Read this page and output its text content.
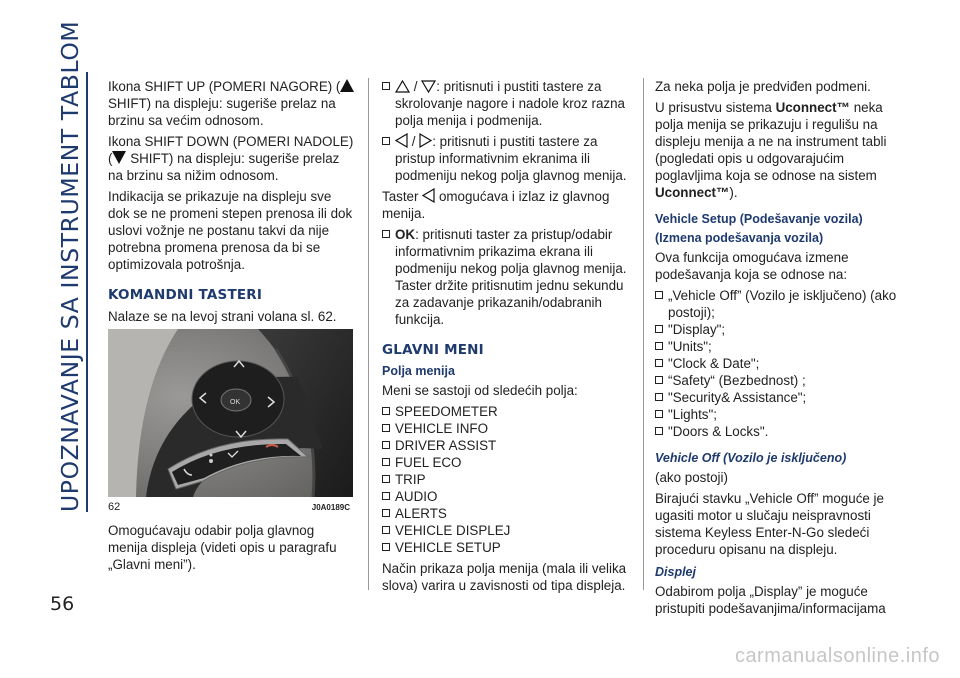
UPOZNAVANJE SA INSTRUMENT TABLOM
56

Ikona SHIFT UP (POMERI NAGORE) ( SHIFT) na displeju: sugeriše prelaz na brzinu sa većim odnosom.

Ikona SHIFT DOWN (POMERI NADOLE) ( SHIFT) na displeju: sugeriše prelaz na brzinu sa nižim odnosom.

Indikacija se prikazuje na displeju sve dok se ne promeni stepen prenosa ili dok uslovi vožnje ne postanu takvi da nije potrebna promena prenosa da bi se optimizovala potrošnja.

KOMANDNI TASTERI

Nalaze se na levoj strani volana sl. 62.

OK
62	J0A0189C

Omogućavaju odabir polja glavnog menija displeja (videti opis u paragrafu „Glavni meni”).

/ : pritisnuti i pustiti tastere za skrolovanje nagore i nadole kroz razna polja menija i podmenija.

/ : pritisnuti i pustiti tastere za pristup informativnim ekranima ili podmeniju nekog polja glavnog menija.

Taster omogućava i izlaz iz glavnog menija.

OK: pritisnuti taster za pristup/odabir informativnim prikazima ekrana ili podmeniju nekog polja glavnog menija. Taster držite pritisnutim jednu sekundu za zadavanje prikazanih/odabranih funkcija.

GLAVNI MENI
Polja menija

Meni se sastoji od sledećih polja:

SPEEDOMETER
VEHICLE INFO
DRIVER ASSIST
FUEL ECO
TRIP
AUDIO
ALERTS
VEHICLE DISPLEJ
VEHICLE SETUP

Način prikaza polja menija (mala ili velika slova) varira u zavisnosti od tipa displeja.

Za neka polja je predviđen podmeni.

U prisustvu sistema Uconnect™ neka polja menija se prikazuju i regulišu na displeju menija a ne na instrument tabli (pogledati opis u odgovarajućim poglavljima koja se odnose na sistem Uconnect™).

Vehicle Setup (Podešavanje vozila)
(Izmena podešavanja vozila)

Ova funkcija omogućava izmene podešavanja koja se odnose na:

„Vehicle Off” (Vozilo je isključeno) (ako postoji);
"Display";
"Units";
"Clock & Date";
“Safety“ (Bezbednost) ;
"Security& Assistance";
"Lights";
"Doors & Locks".
Vehicle Off (Vozilo je isključeno)

(ako postoji)

Birajući stavku „Vehicle Off” moguće je ugasiti motor u slučaju neispravnosti sistema Keyless Enter-N-Go sledeći proceduru opisanu na displeju.

Displej

Odabirom polja „Display” je moguće pristupiti podešavanjima/informacijama

carmanualsonline.info
